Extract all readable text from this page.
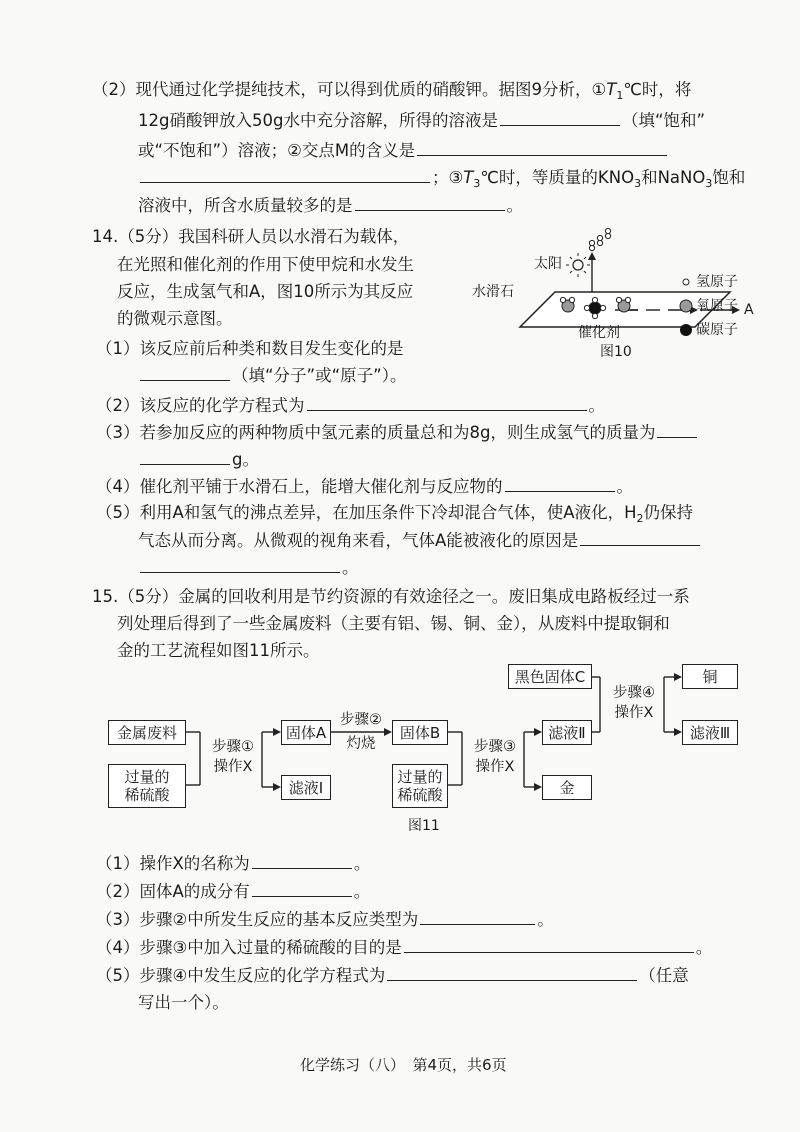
（2）现代通过化学提纯技术，可以得到优质的硝酸钾。据图9分析，$①T_1℃$时，将
12g硝酸钾放入50g水中充分溶解，所得的溶液是	（填“饱和”
或“不饱和”）溶液；②交点M的含义是
；$③T_3℃$时，等质量的$KNO_3$和NaNO$_3$饱和
溶液中，所含水质量较多的是	。
14.（5分）我国科研人员以水滑石为载体，
在光照和催化剂的作用下使甲烷和水发生
反应，生成氢气和A，图10所示为其反应
的微观示意图。
太阳
水滑石
催化剂
A
图10
氢原子
氧原子
碳原子
（1）该反应前后种类和数目发生变化的是
（填“分子”或“原子”）。
（2）该反应的化学方程式为	。
（3）若参加反应的两种物质中氢元素的质量总和为8g，则生成氢气的质量为
g。
（4）催化剂平铺于水滑石上，能增大催化剂与反应物的	。
（5）利用A和氢气的沸点差异，在加压条件下冷却混合气体，使A液化，$H_2$仍保持
气态从而分离。从微观的视角来看，气体A能被液化的原因是
。
15.（5分）金属的回收利用是节约资源的有效途径之一。废旧集成电路板经过一系
列处理后得到了一些金属废料（主要有铝、锡、铜、金），从废料中提取铜和
金的工艺流程如图11所示。
金属废料
过量的
稀硫酸
步骤①
操作X
固体A
滤液Ⅰ
步骤②
灼烧
固体B
过量的
稀硫酸
步骤③
操作X
滤液Ⅱ
金
黑色固体C
步骤④
操作X
铜
滤液Ⅲ
图11
（1）操作X的名称为	。
（2）固体A的成分有	。
（3）步骤②中所发生反应的基本反应类型为	。
（4）步骤③中加入过量的稀硫酸的目的是	。
（5）步骤④中发生反应的化学方程式为	（任意
写出一个）。
化学练习（八）　第4页，共6页
